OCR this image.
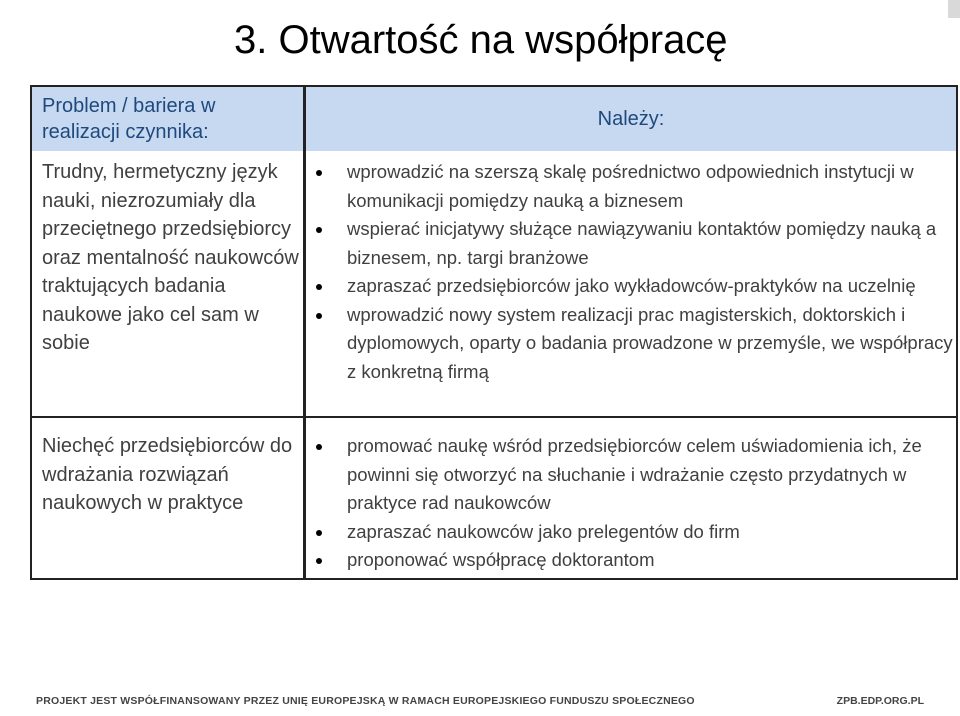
3. Otwartość na współpracę
Problem / bariera w realizacji czynnika:
Należy:
Trudny, hermetyczny język nauki, niezrozumiały dla przeciętnego przedsiębiorcy oraz mentalność naukowców traktujących badania naukowe jako cel sam w sobie
Niechęć przedsiębiorców do wdrażania rozwiązań naukowych w praktyce
wprowadzić na szerszą skalę pośrednictwo odpowiednich instytucji w komunikacji pomiędzy nauką a biznesem
wspierać inicjatywy służące nawiązywaniu kontaktów pomiędzy nauką a biznesem, np. targi branżowe
zapraszać przedsiębiorców jako wykładowców-praktyków na uczelnię
wprowadzić nowy system realizacji prac magisterskich, doktorskich i dyplomowych, oparty o badania prowadzone w przemyśle, we współpracy z konkretną firmą
promować naukę wśród przedsiębiorców celem uświadomienia ich, że powinni się otworzyć na słuchanie i wdrażanie często przydatnych w praktyce rad naukowców
zapraszać naukowców jako prelegentów do firm
proponować współpracę doktorantom
PROJEKT JEST WSPÓŁFINANSOWANY PRZEZ UNIĘ EUROPEJSKĄ W RAMACH EUROPEJSKIEGO FUNDUSZU SPOŁECZNEGO	ZPB.EDP.ORG.PL
